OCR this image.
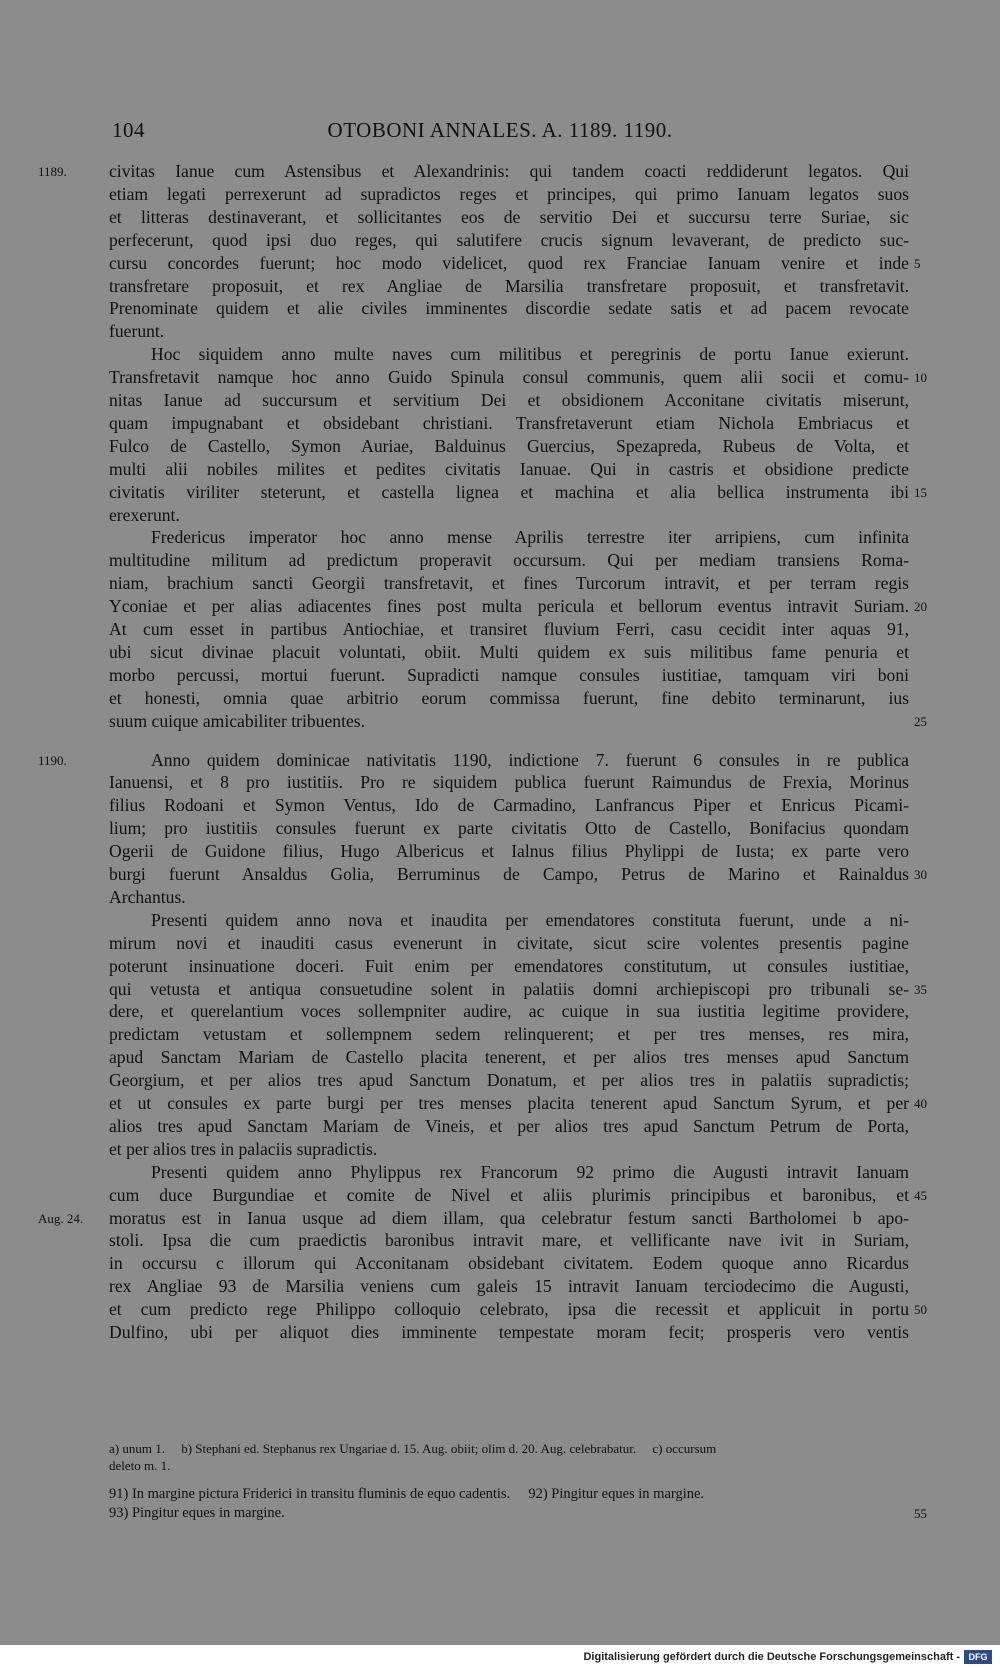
104	OTOBONI ANNALES. A. 1189. 1190.
1189. civitas Ianue cum Astensibus et Alexandrinis: qui tandem coacti reddiderunt legatos. Qui
etiam legati perrexerunt ad supradictos reges et principes, qui primo Ianuam legatos suos
et litteras destinaverant, et sollicitantes eos de servitio Dei et succursu terre Suriae, sic
perfecerunt, quod ipsi duo reges, qui salutifere crucis signum levaverant, de predicto suc-
cursu concordes fuerunt; hoc modo videlicet, quod rex Franciae Ianuam venire et inde 5
transfretare proposuit, et rex Angliae de Marsilia transfretare proposuit, et transfretavit.
Prenominate quidem et alie civiles imminentes discordie sedate satis et ad pacem revocate
fuerunt.
Hoc siquidem anno multe naves cum militibus et peregrinis de portu Ianue exierunt.
Transfretavit namque hoc anno Guido Spinula consul communis, quem alii socii et comu- 10
nitas Ianue ad succursum et servitium Dei et obsidionem Acconitane civitatis miserunt,
quam impugnabant et obsidebant christiani. Transfretaverunt etiam Nichola Embriacus et
Fulco de Castello, Symon Auriae, Balduinus Guercius, Spezapreda, Rubeus de Volta, et
multi alii nobiles milites et pedites civitatis Ianuae. Qui in castris et obsidione predicte
civitatis viriliter steterunt, et castella lignea et machina et alia bellica instrumenta ibi 15
erexerunt.
Fredericus imperator hoc anno mense Aprilis terrestre iter arripiens, cum infinita
multitudine militum ad predictum properavit occursum. Qui per mediam transiens Roma-
niam, brachium sancti Georgii transfretavit, et fines Turcorum intravit, et per terram regis
Yconiae et per alias adiacentes fines post multa pericula et bellorum eventus intravit Suriam. 20
At cum esset in partibus Antiochiae, et transiret fluvium Ferri, casu cecidit inter aquas 91,
ubi sicut divinae placuit voluntati, obiit. Multi quidem ex suis militibus fame penuria et
morbo percussi, mortui fuerunt. Supradicti namque consules iustitiae, tamquam viri boni
et honesti, omnia quae arbitrio eorum commissa fuerunt, fine debito terminarunt, ius
suum cuique amicabiliter tribuentes.	25
1190.	Anno quidem dominicae nativitatis 1190, indictione 7. fuerunt 6 consules in re publica
Ianuensi, et 8 pro iustitiis. Pro re siquidem publica fuerunt Raimundus de Frexia, Morinus
filius Rodoani et Symon Ventus, Ido de Carmadino, Lanfrancus Piper et Enricus Picami-
lium; pro iustitiis consules fuerunt ex parte civitatis Otto de Castello, Bonifacius quondam
Ogerii de Guidone filius, Hugo Albericus et Ialnus filius Phylippi de Iusta; ex parte vero
burgi fuerunt Ansaldus Golia, Berruminus de Campo, Petrus de Marino et Rainaldus 30
Archantus.
Presenti quidem anno nova et inaudita per emendatores constituta fuerunt, unde a ni-
mirum novi et inauditi casus evenerunt in civitate, sicut scire volentes presentis pagine
poterunt insinuatione doceri. Fuit enim per emendatores constitutum, ut consules iustitiae,
qui vetusta et antiqua consuetudine solent in palatiis domni archiepiscopi pro tribunali se- 35
dere, et querelantium voces sollempniter audire, ac cuique in sua iustitia legitime providere,
predictam vetustam et sollempnem sedem relinquerent; et per tres menses, res mira,
apud Sanctam Mariam de Castello placita tenerent, et per alios tres menses apud Sanctum
Georgium, et per alios tres apud Sanctum Donatum, et per alios tres in palatiis supradictis;
et ut consules ex parte burgi per tres menses placita tenerent apud Sanctum Syrum, et per 40
alios tres apud Sanctam Mariam de Vineis, et per alios tres apud Sanctum Petrum de Porta,
et per alios tres in palaciis supradictis.
Presenti quidem anno Phylippus rex Francorum 92 primo die Augusti intravit Ianuam
cum duce Burgundiae et comite de Nivel et aliis plurimis principibus et baronibus, et 45
Aug. 24. moratus est in Ianua usque ad diem illam, qua celebratur festum sancti Bartholomei b apo-
stoli. Ipsa die cum praedictis baronibus intravit mare, et vellificante nave ivit in Suriam,
in occursu c illorum qui Acconitanam obsidebant civitatem. Eodem quoque anno Ricardus
rex Angliae 93 de Marsilia veniens cum galeis 15 intravit Ianuam terciodecimo die Augusti,
et cum predicto rege Philippo colloquio celebrato, ipsa die recessit et applicuit in portu 50
Dulfino, ubi per aliquot dies imminente tempestate moram fecit; prosperis vero ventis
a) unum 1.     b) Stephani ed. Stephanus rex Ungariae d. 15. Aug. obiit; olim d. 20. Aug. celebrabatur.     c) occursum
deleto m. 1.
91) In margine pictura Friderici in transitu fluminis de equo cadentis.     92) Pingitur eques in margine.
93) Pingitur eques in margine.	55
Digitalisierung gefördert durch die Deutsche Forschungsgemeinschaft - DFG
